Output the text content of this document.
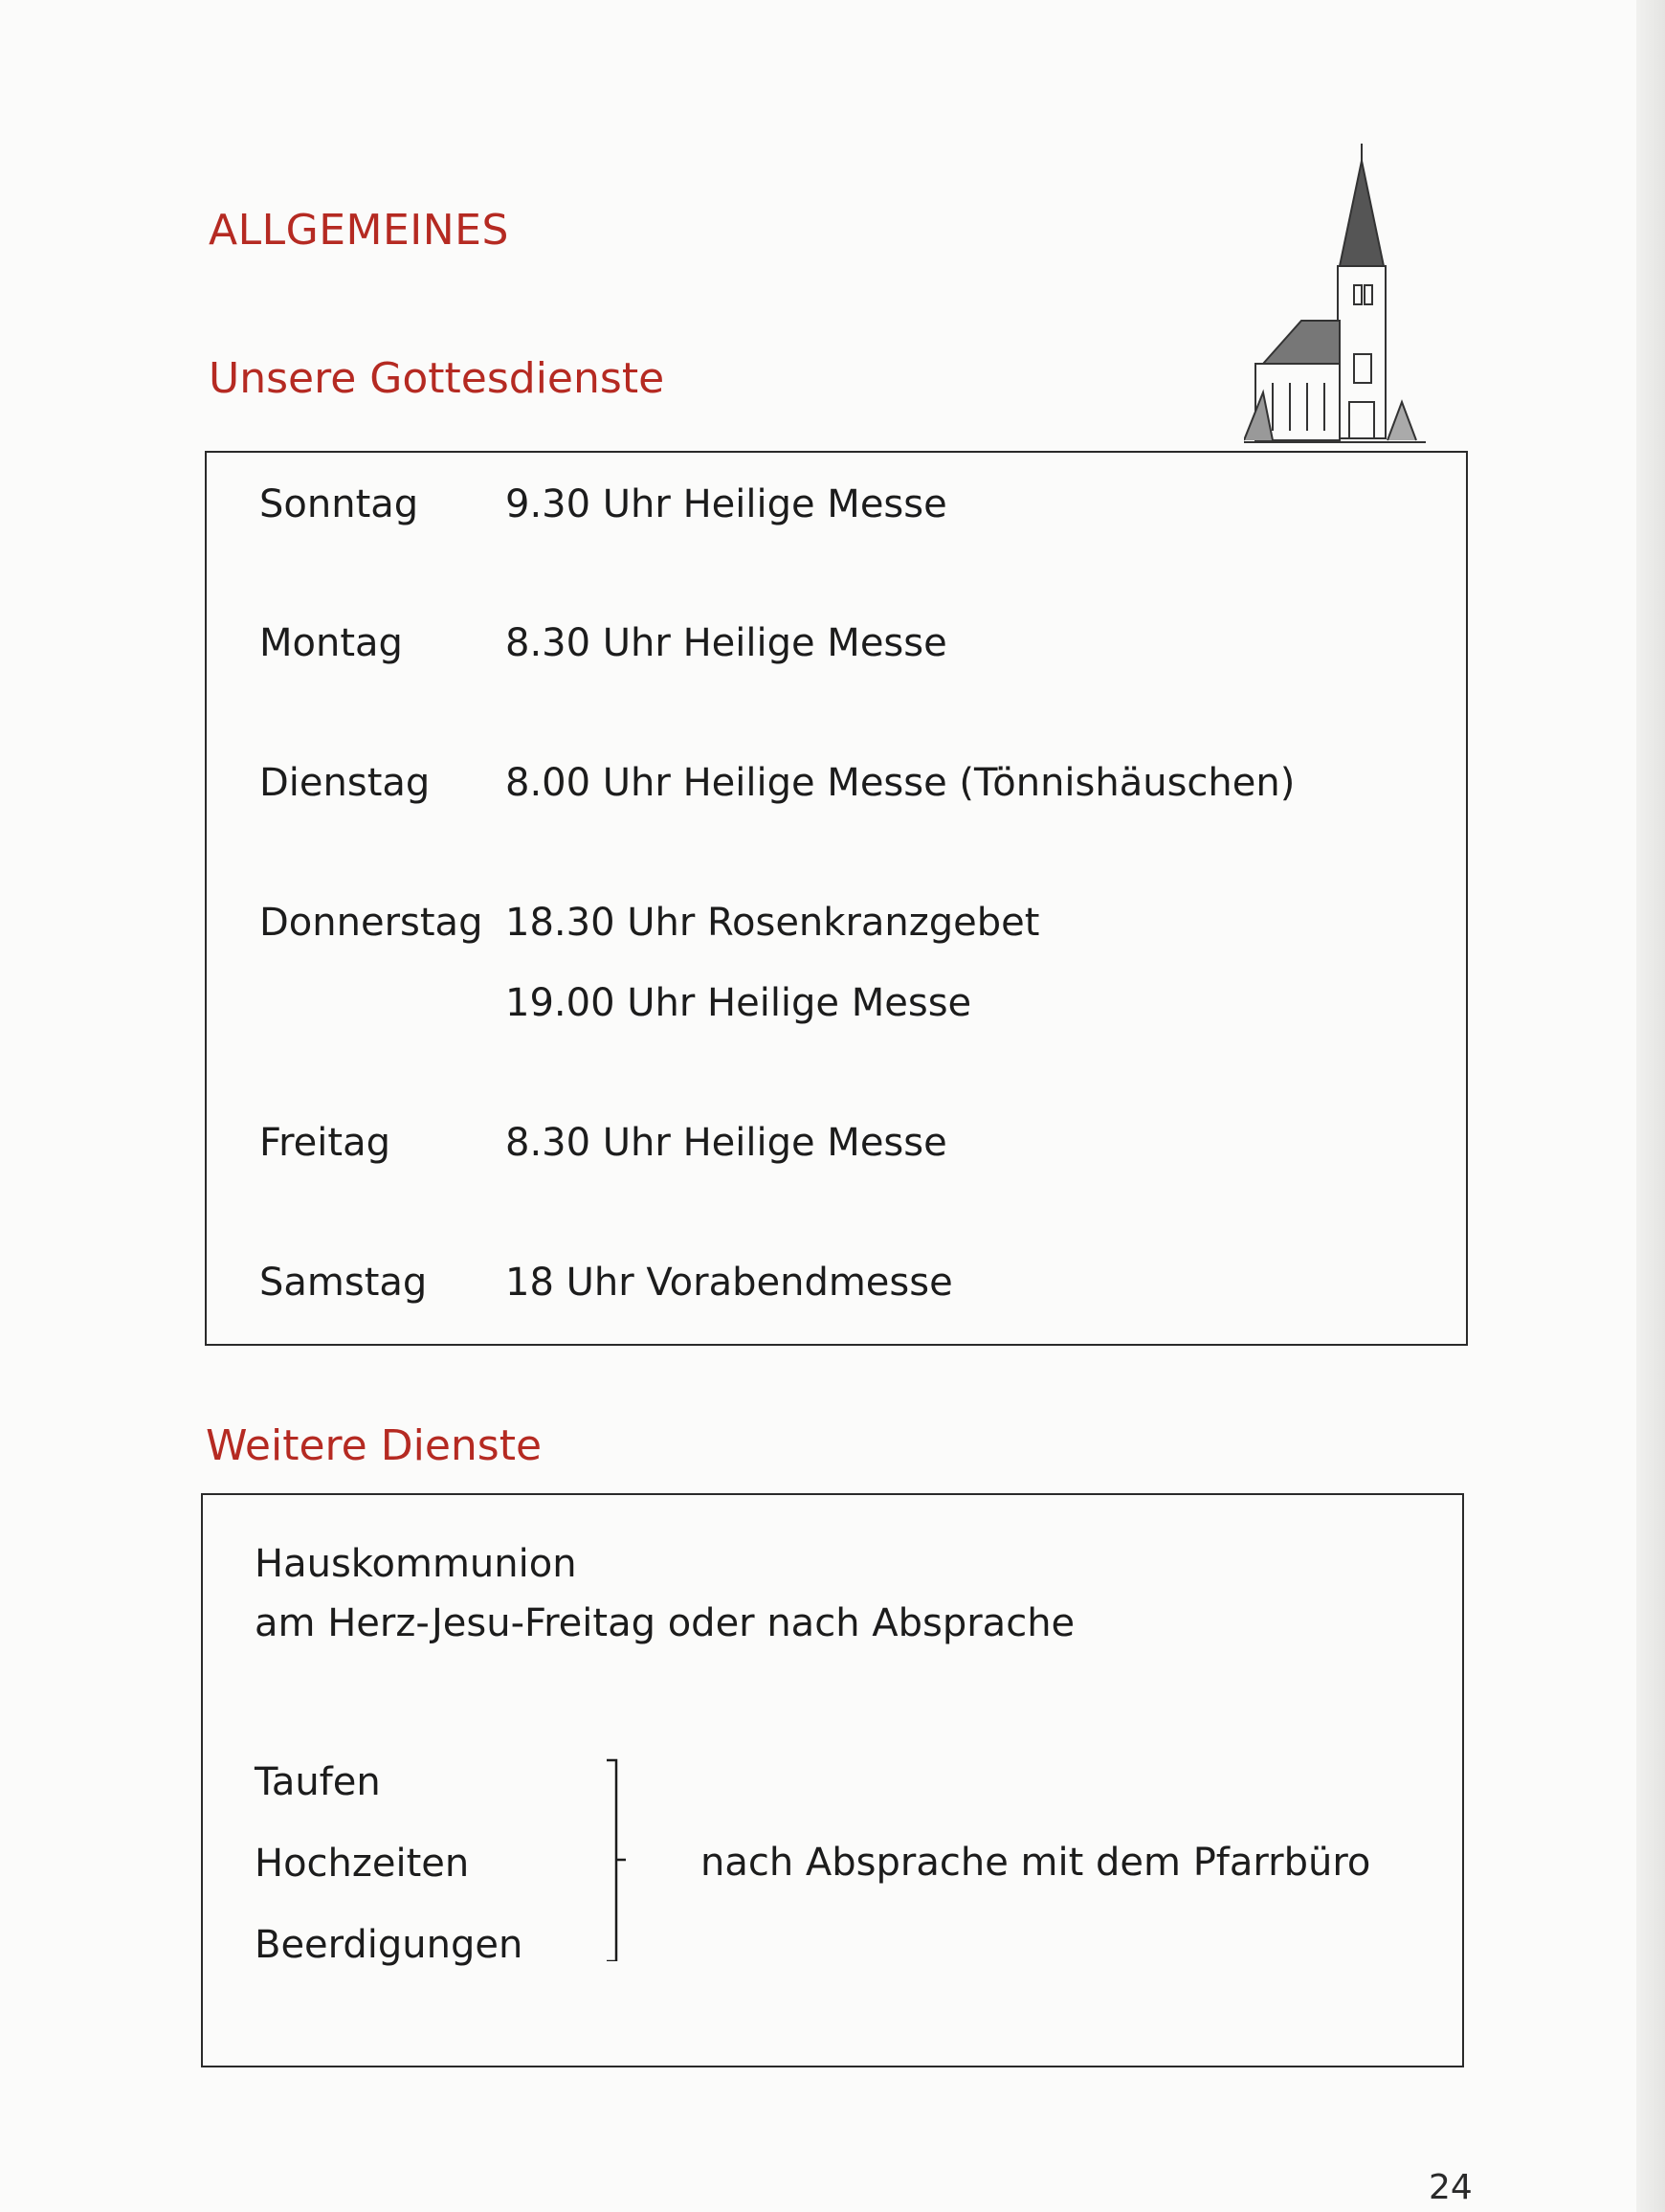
ALLGEMEINES
Unsere Gottesdienste
Sonntag 9.30 Uhr Heilige Messe
Montag	8.30 Uhr Heilige Messe
Dienstag 8.00 Uhr Heilige Messe (Tönnishäuschen)
Donnerstag 18.30 Uhr Rosenkranzgebet
19.00 Uhr Heilige Messe
Freitag	8.30 Uhr Heilige Messe
Samstag 18 Uhr Vorabendmesse
Weitere Dienste
Hauskommunion
am Herz-Jesu-Freitag oder nach Absprache
Taufen
Hochzeiten
Beerdigungen
nach Absprache mit dem Pfarrbüro
24
